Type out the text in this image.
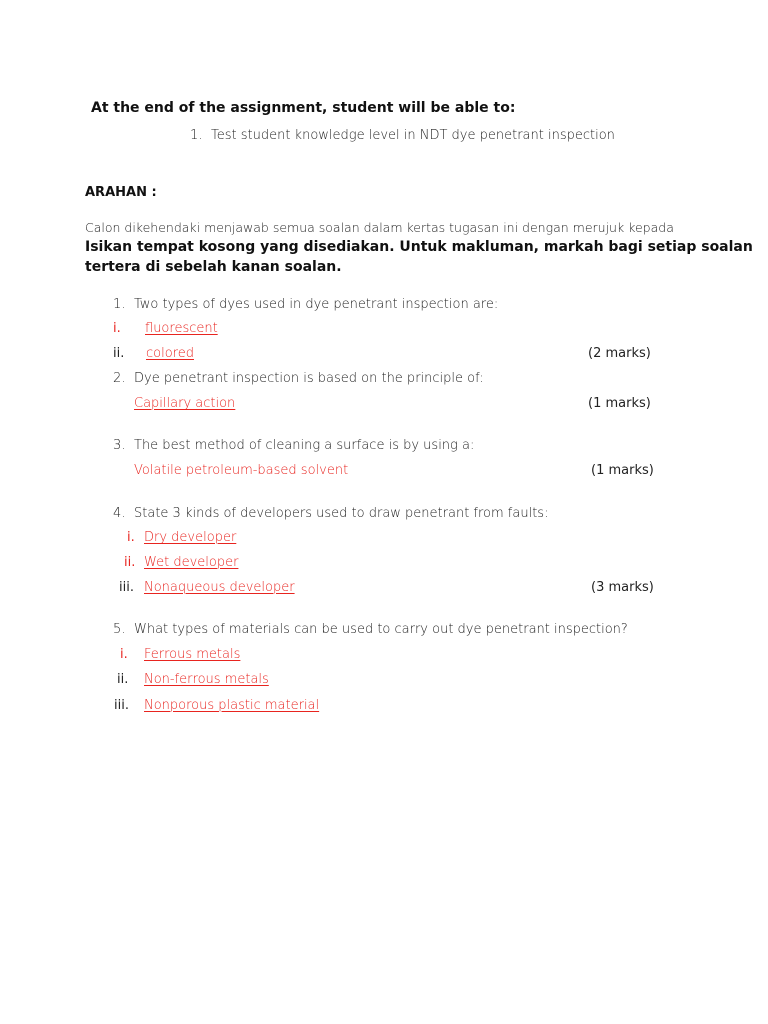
At the end of the assignment, student will be able to:
1. Test student knowledge level in NDT dye penetrant inspection
ARAHAN :
Calon dikehendaki menjawab semua soalan dalam kertas tugasan ini dengan merujuk kepada
Isikan tempat kosong yang disediakan. Untuk makluman, markah bagi setiap soalan
tertera di sebelah kanan soalan.
1. Two types of dyes used in dye penetrant inspection are:
i. fluorescent
ii. colored	(2 marks)
2. Dye penetrant inspection is based on the principle of:
Capillary action	(1 marks)
3. The best method of cleaning a surface is by using a:
Volatile petroleum-based solvent	(1 marks)
4. State 3 kinds of developers used to draw penetrant from faults:
i. Dry developer
ii. Wet developer
iii. Nonaqueous developer	(3 marks)
5. What types of materials can be used to carry out dye penetrant inspection?
i. Ferrous metals
ii. Non-ferrous metals
iii. Nonporous plastic material
